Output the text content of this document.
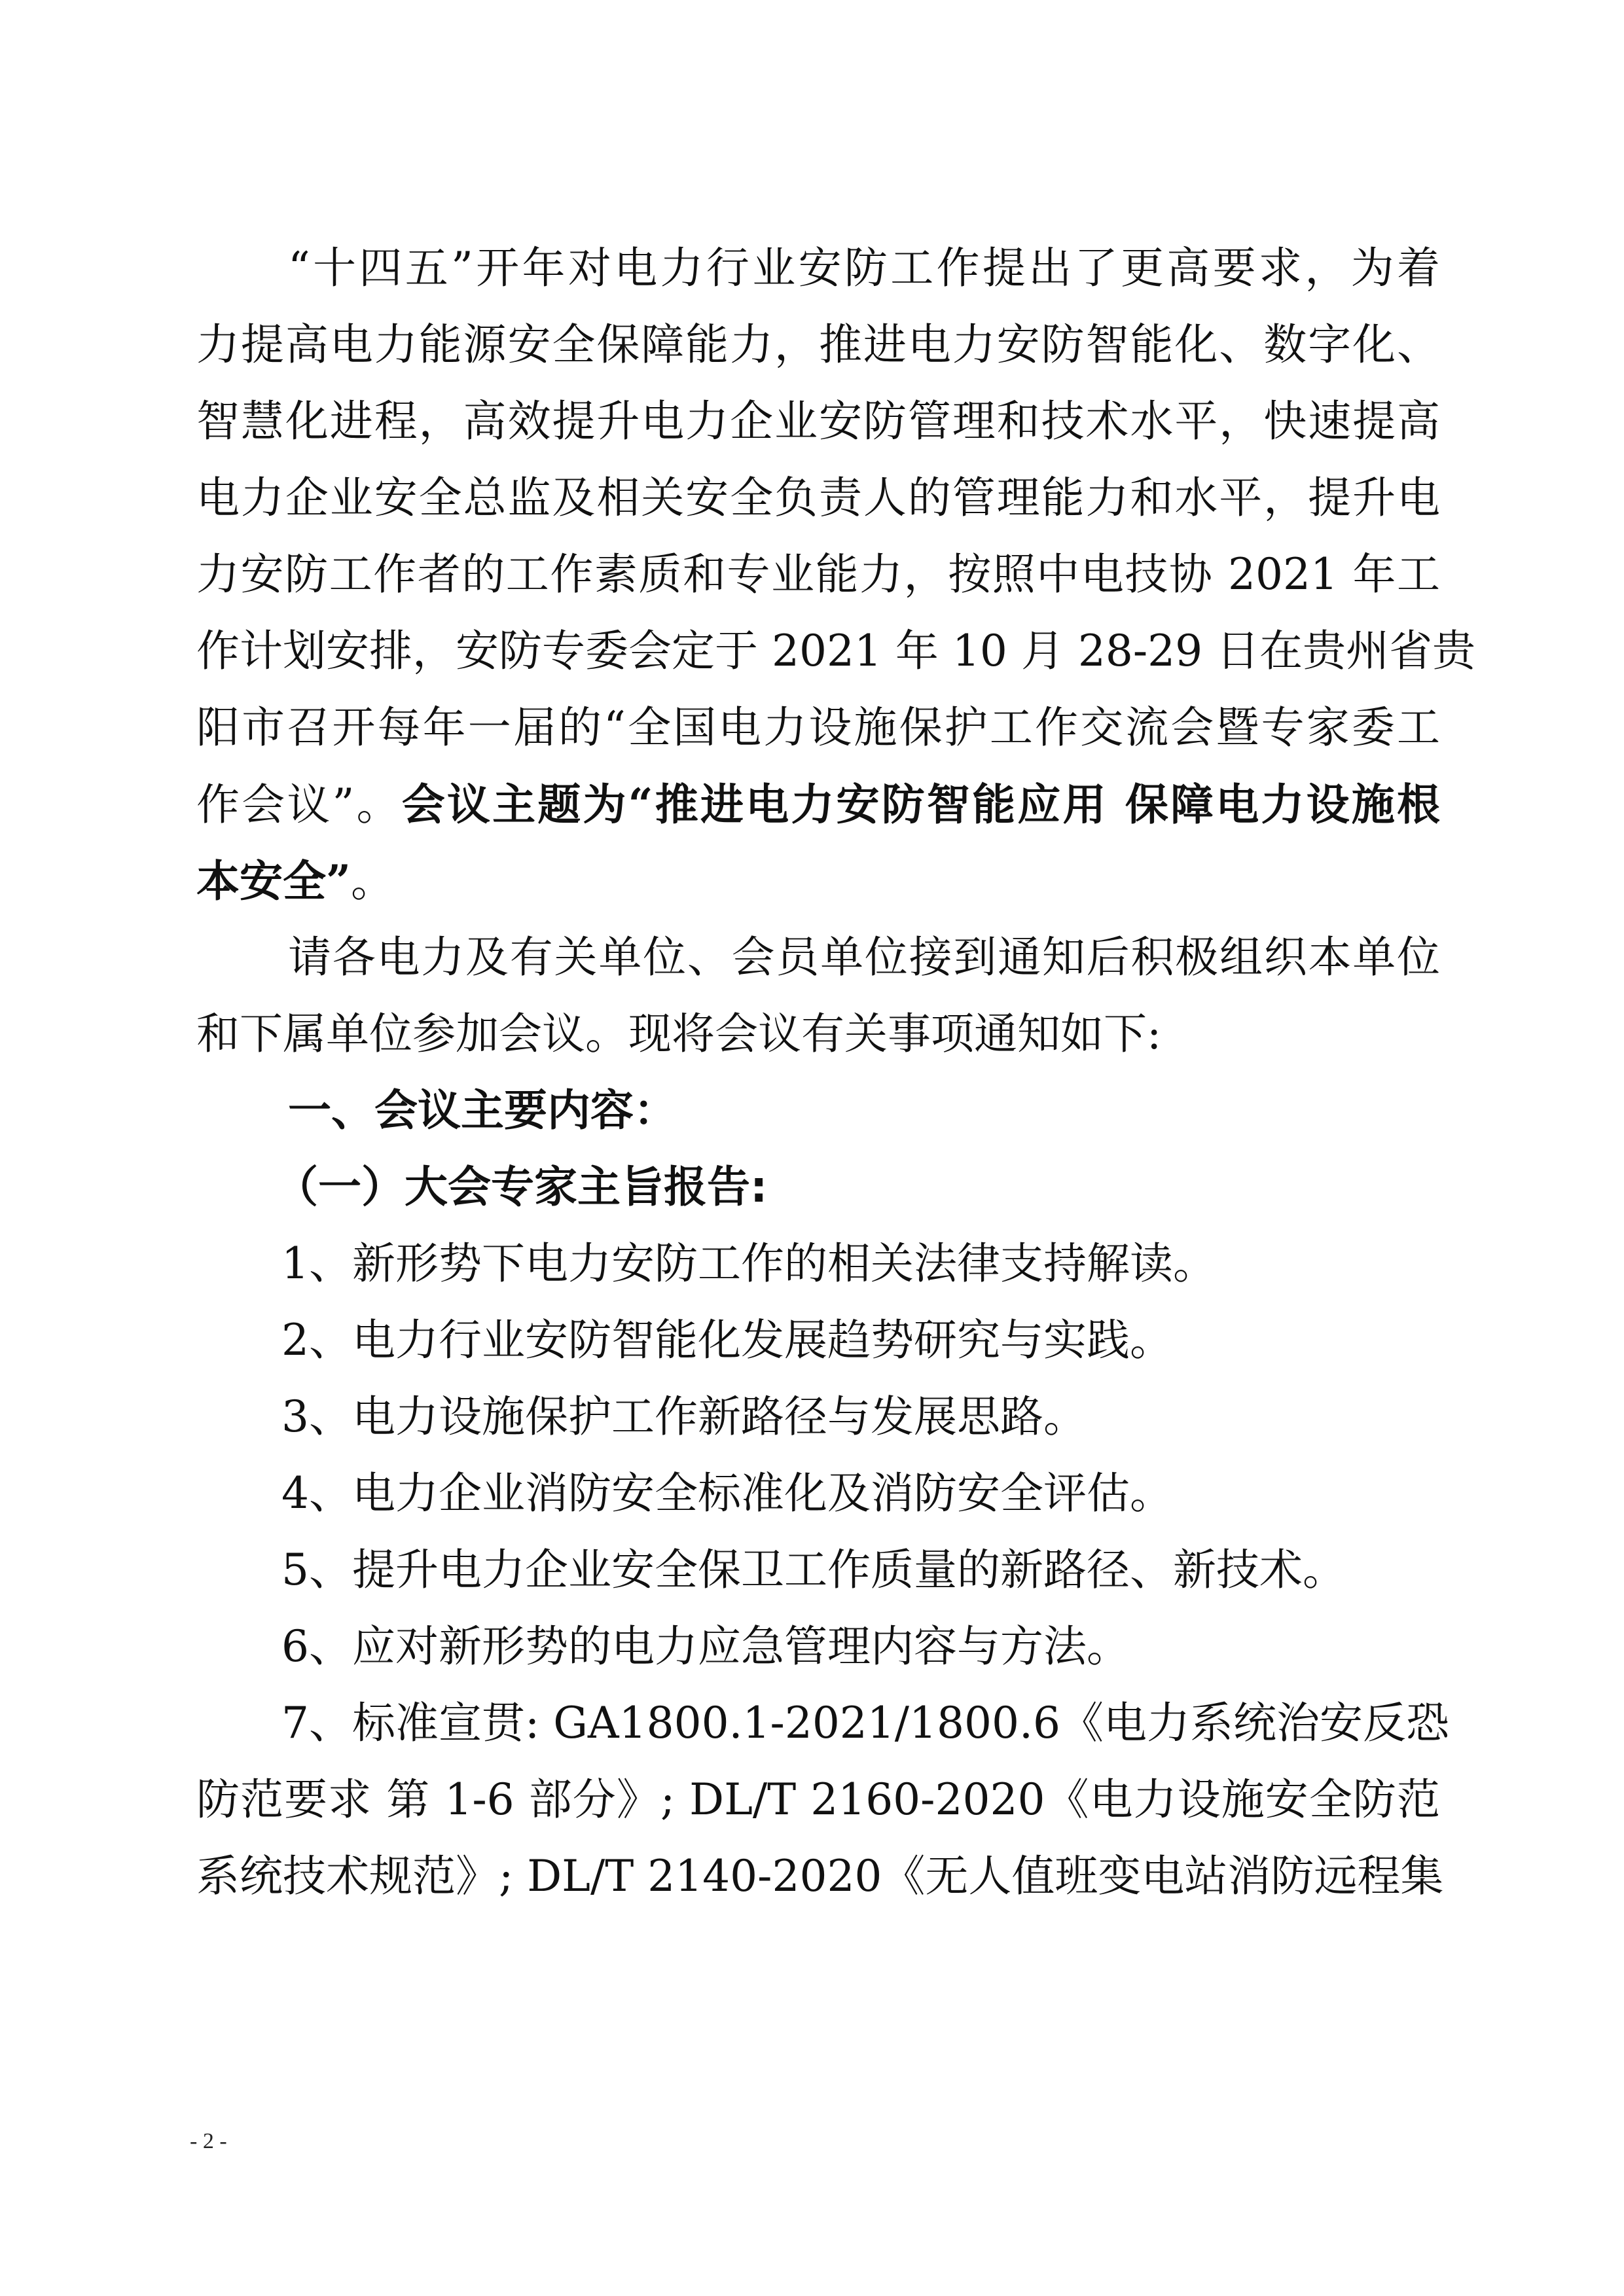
“十四五”开年对电力行业安防工作提出了更高要求，为着
力提高电力能源安全保障能力，推进电力安防智能化、数字化、
智慧化进程，高效提升电力企业安防管理和技术水平，快速提高
电力企业安全总监及相关安全负责人的管理能力和水平，提升电
力安防工作者的工作素质和专业能力，按照中电技协 2021 年工
作计划安排，安防专委会定于 2021 年 10 月 28-29 日在贵州省贵
阳市召开每年一届的“全国电力设施保护工作交流会暨专家委工
作会议”。会议主题为“推进电力安防智能应用 保障电力设施根
本安全”。
请各电力及有关单位、会员单位接到通知后积极组织本单位
和下属单位参加会议。现将会议有关事项通知如下:
一、会议主要内容：
（一）大会专家主旨报告:
1、新形势下电力安防工作的相关法律支持解读。
2、电力行业安防智能化发展趋势研究与实践。
3、电力设施保护工作新路径与发展思路。
4、电力企业消防安全标准化及消防安全评估。
5、提升电力企业安全保卫工作质量的新路径、新技术。
6、应对新形势的电力应急管理内容与方法。
7、标准宣贯: GA1800.1-2021/1800.6《电力系统治安反恐
防范要求 第 1-6 部分》; DL/T 2160-2020《电力设施安全防范
系统技术规范》; DL/T 2140-2020《无人值班变电站消防远程集
- 2 -
